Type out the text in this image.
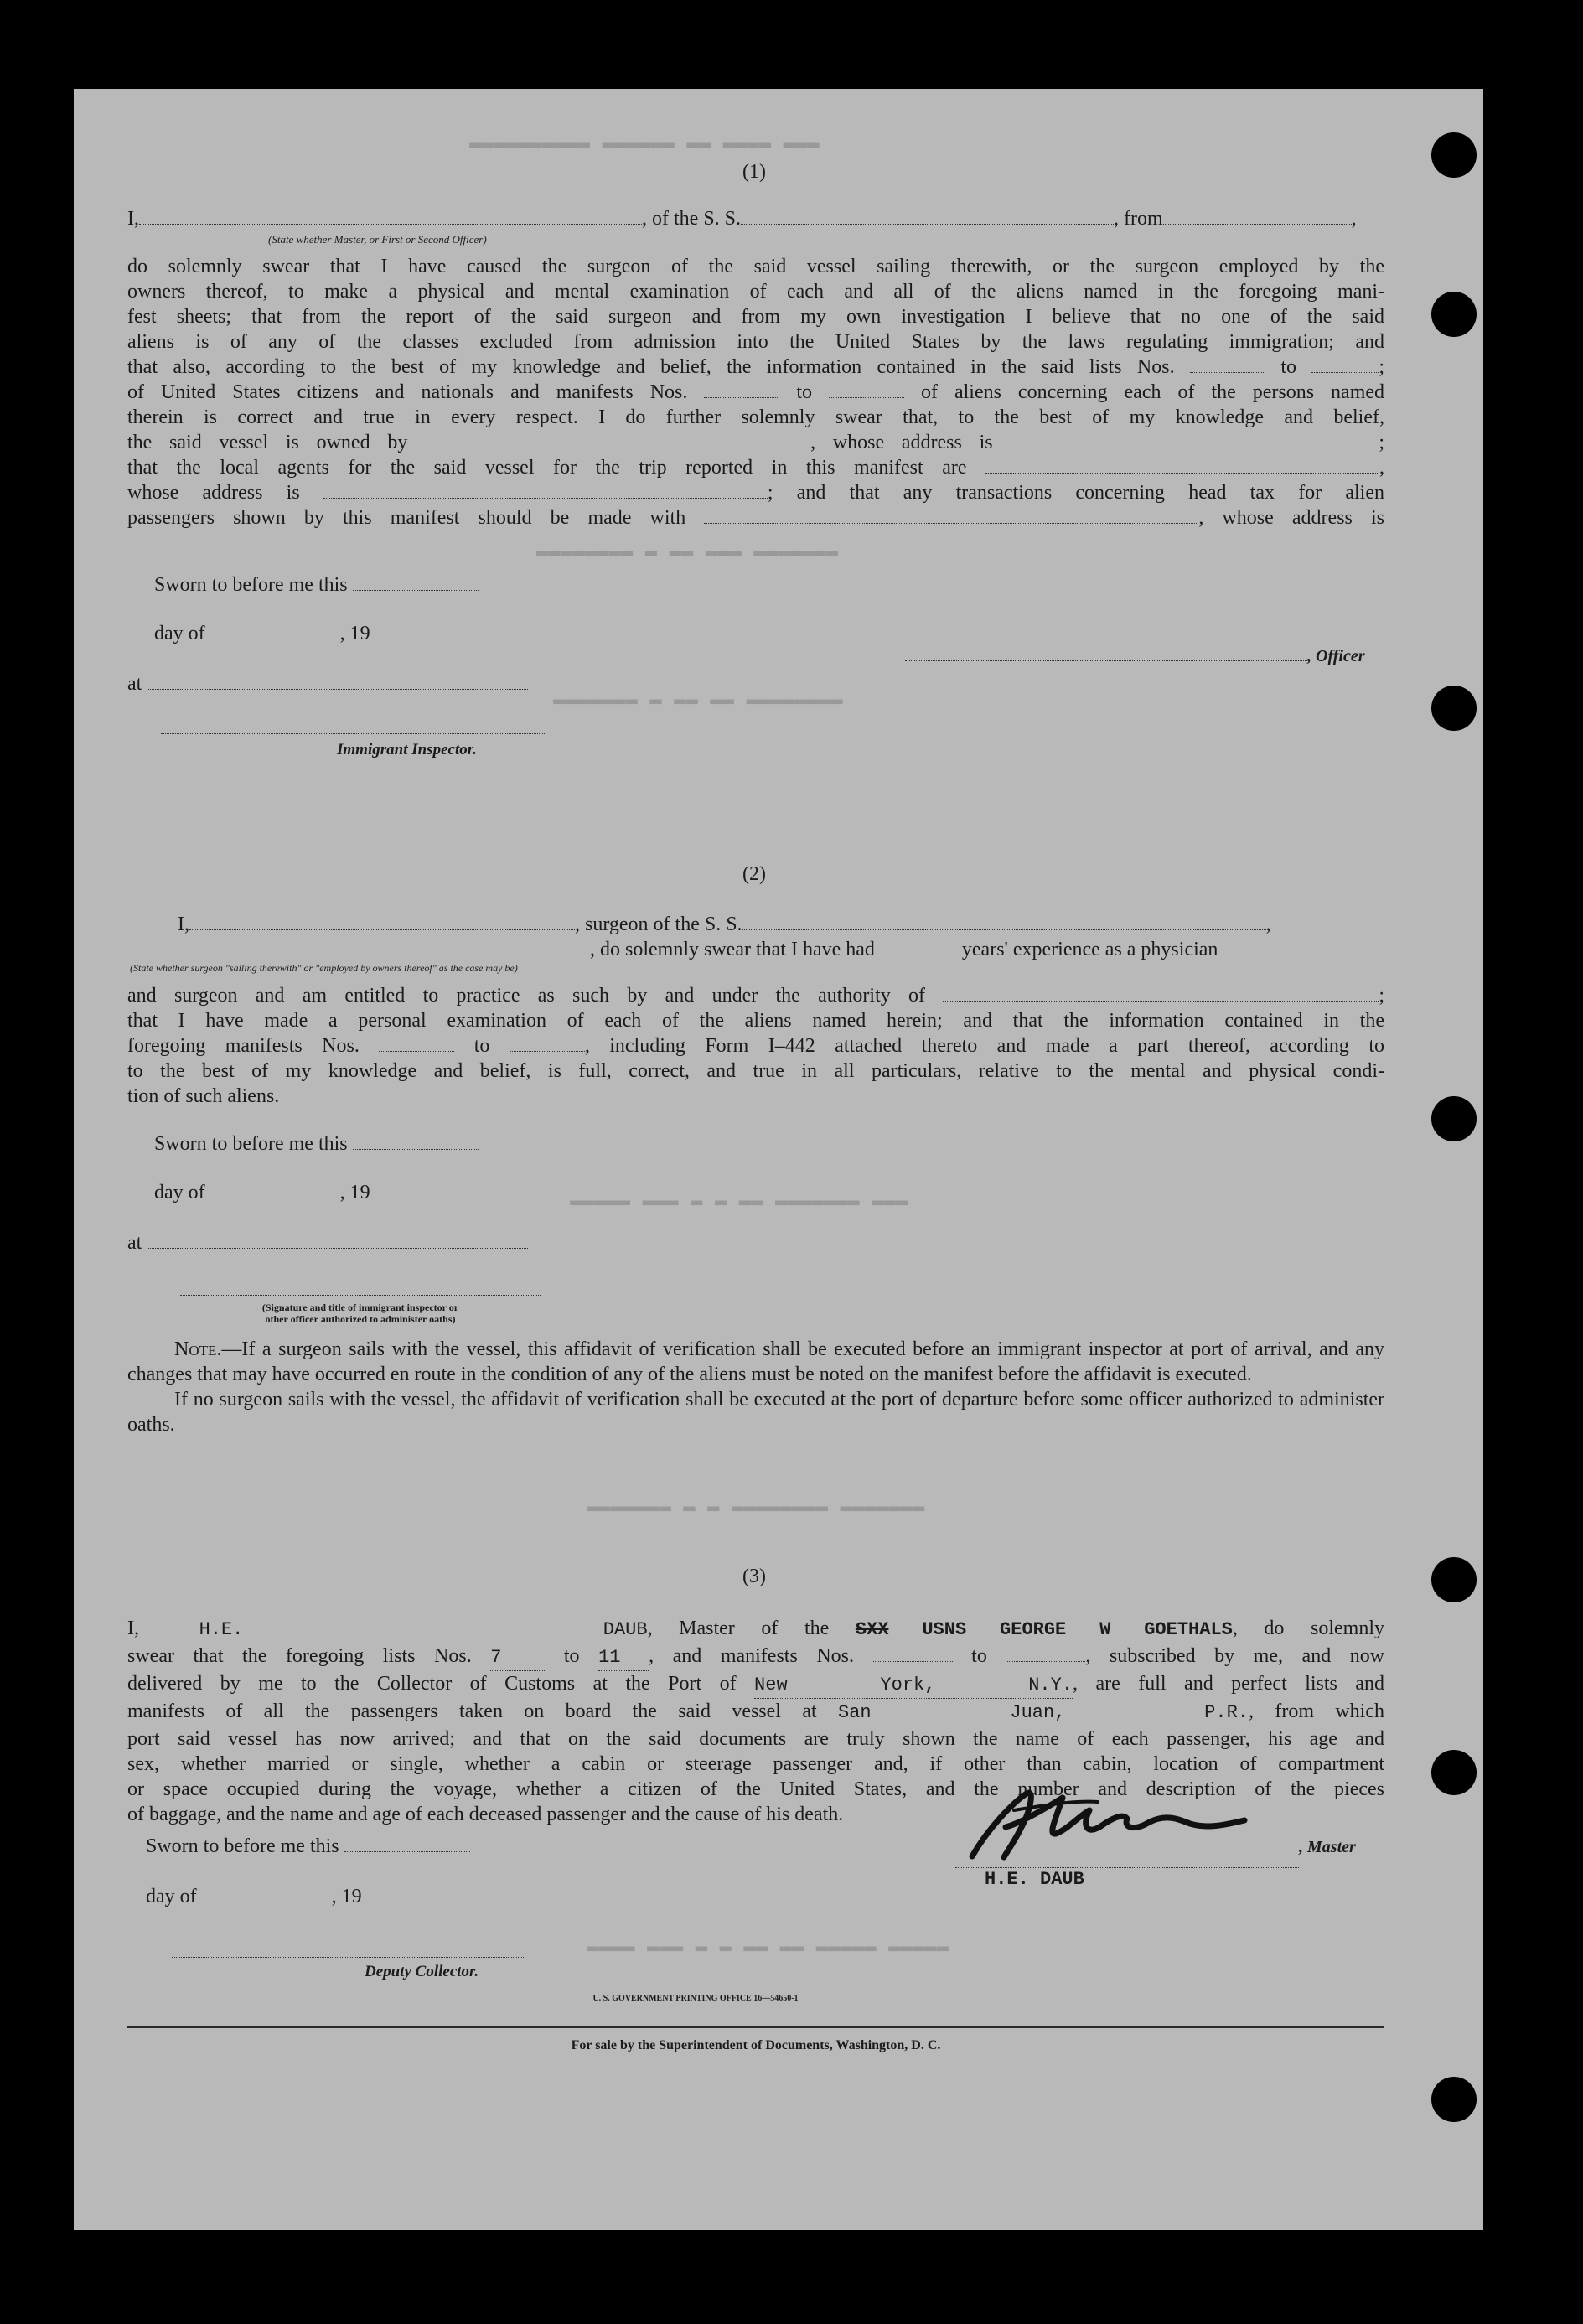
▬▬▬ ▬▬▬▬ ▬▬ ▬▬▬▬▬▬ ▬▬▬▬▬▬▬▬▬▬
▬▬▬▬▬▬▬ ▬▬▬ ▬▬ ▬ ▬▬▬▬▬▬▬▬
▬▬▬▬▬▬▬▬ ▬▬ ▬▬ ▬ ▬▬▬▬▬▬▬
▬▬▬ ▬▬▬▬▬▬▬ ▬▬ ▬ ▬ ▬▬▬ ▬▬▬▬▬
▬▬▬▬▬▬▬ ▬▬▬▬▬▬▬▬ ▬ ▬ ▬▬▬▬▬▬▬
▬▬▬▬▬ ▬▬▬▬▬ ▬▬ ▬▬ ▬ ▬ ▬▬▬ ▬▬▬▬
(1)
I,	, of the S. S.	, from	,
(State whether Master, or First or Second Officer)

do solemnly swear that I have caused the surgeon of the said vessel sailing therewith, or the surgeon employed by the

owners thereof, to make a physical and mental examination of each and all of the aliens named in the foregoing mani-

fest sheets; that from the report of the said surgeon and from my own investigation I believe that no one of the said

aliens is of any of the classes excluded from admission into the United States by the laws regulating immigration; and

that also, according to the best of my knowledge and belief, the information contained in the said lists Nos.	to	;

of United States citizens and nationals and manifests Nos.	to	of aliens concerning each of the persons named

therein is correct and true in every respect. I do further solemnly swear that, to the best of my knowledge and belief,

the said vessel is owned by	, whose address is	;

that the local agents for the said vessel for the trip reported in this manifest are	,

whose address is	; and that any transactions concerning head tax for alien

passengers shown by this manifest should be made with	, whose address is

Sworn to before me this
day of	, 19
at
, Officer
Immigrant Inspector.
(2)
I,	, surgeon of the S. S.	,
, do solemnly swear that I have had	years' experience as a physician
(State whether surgeon "sailing therewith" or "employed by owners thereof" as the case may be)

and surgeon and am entitled to practice as such by and under the authority of	;

that I have made a personal examination of each of the aliens named herein; and that the information contained in the

foregoing manifests Nos.	to	, including Form I–442 attached thereto and made a part thereof, according to

to the best of my knowledge and belief, is full, correct, and true in all particulars, relative to the mental and physical condi-

tion of such aliens.

Sworn to before me this
day of	, 19
at
(Signature and title of immigrant inspector or
other officer authorized to administer oaths)

Note.—If a surgeon sails with the vessel, this affidavit of verification shall be executed before an immigrant inspector at port of arrival, and any changes that may have occurred en route in the condition of any of the aliens must be noted on the manifest before the affidavit is executed.

If no surgeon sails with the vessel, the affidavit of verification shall be executed at the port of departure before some officer authorized to administer oaths.

(3)

I,	H.E. DAUB, Master of the SXX USNS GEORGE W GOETHALS, do solemnly

swear that the foregoing lists Nos. 7	to 11 , and manifests Nos.	to	, subscribed by me, and now

delivered by me to the Collector of Customs at the Port of New York, N.Y., are full and perfect lists and

manifests of all the passengers taken on board the said vessel at San Juan, P.R., from which

port said vessel has now arrived; and that on the said documents are truly shown the name of each passenger, his age and

sex, whether married or single, whether a cabin or steerage passenger and, if other than cabin, location of compartment

or space occupied during the voyage, whether a citizen of the United States, and the number and description of the pieces

of baggage, and the name and age of each deceased passenger and the cause of his death.

Sworn to before me this
day of	, 19
, Master
H.E. DAUB
Deputy Collector.
U. S. GOVERNMENT PRINTING OFFICE 16—54650-1
For sale by the Superintendent of Documents, Washington, D. C.
